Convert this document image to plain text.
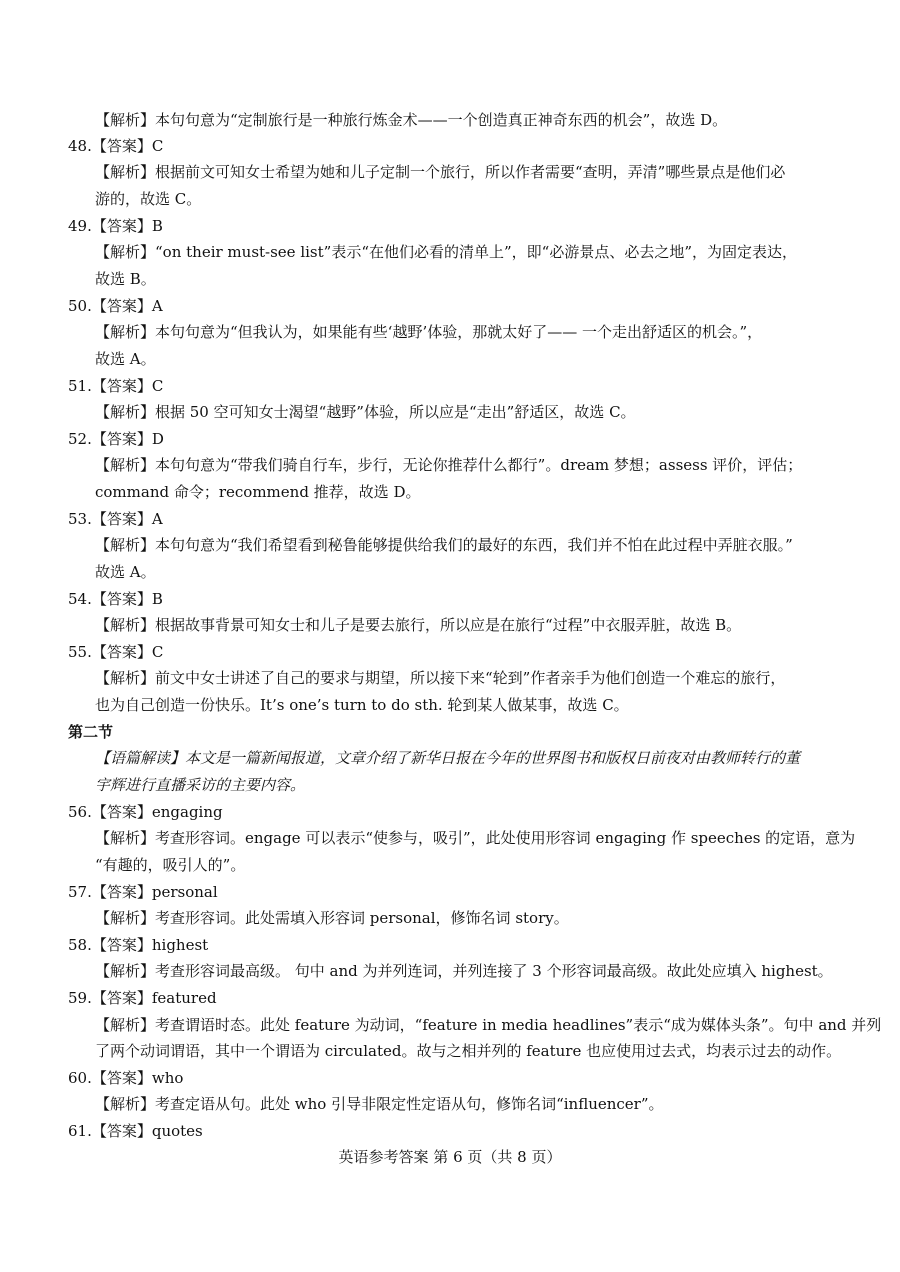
【解析】本句句意为“定制旅行是一种旅行炼金术——一个创造真正神奇东西的机会”，故选 D。
48.【答案】C
【解析】根据前文可知女士希望为她和儿子定制一个旅行，所以作者需要“查明，弄清”哪些景点是他们必
游的，故选 C。
49.【答案】B
【解析】“on their must-see list”表示“在他们必看的清单上”，即“必游景点、必去之地”，为固定表达，
故选 B。
50.【答案】A
【解析】本句句意为“但我认为，如果能有些‘越野’体验，那就太好了—— 一个走出舒适区的机会。”，
故选 A。
51.【答案】C
【解析】根据 50 空可知女士渴望“越野”体验，所以应是“走出”舒适区，故选 C。
52.【答案】D
【解析】本句句意为“带我们骑自行车，步行，无论你推荐什么都行”。dream 梦想；assess 评价，评估；
command 命令；recommend 推荐，故选 D。
53.【答案】A
【解析】本句句意为“我们希望看到秘鲁能够提供给我们的最好的东西，我们并不怕在此过程中弄脏衣服。”
故选 A。
54.【答案】B
【解析】根据故事背景可知女士和儿子是要去旅行，所以应是在旅行“过程”中衣服弄脏，故选 B。
55.【答案】C
【解析】前文中女士讲述了自己的要求与期望，所以接下来“轮到”作者亲手为他们创造一个难忘的旅行，
也为自己创造一份快乐。It’s one’s turn to do sth. 轮到某人做某事，故选 C。
第二节
【语篇解读】本文是一篇新闻报道，文章介绍了新华日报在今年的世界图书和版权日前夜对由教师转行的董
宇辉进行直播采访的主要内容。
56.【答案】engaging
【解析】考查形容词。engage 可以表示“使参与，吸引”，此处使用形容词 engaging 作 speeches 的定语，意为
“有趣的，吸引人的”。
57.【答案】personal
【解析】考查形容词。此处需填入形容词 personal，修饰名词 story。
58.【答案】highest
【解析】考查形容词最高级。 句中 and 为并列连词，并列连接了 3 个形容词最高级。故此处应填入 highest。
59.【答案】featured
【解析】考查谓语时态。此处 feature 为动词，“feature in media headlines”表示“成为媒体头条”。句中 and 并列
了两个动词谓语，其中一个谓语为 circulated。故与之相并列的 feature 也应使用过去式，均表示过去的动作。
60.【答案】who
【解析】考查定语从句。此处 who 引导非限定性定语从句，修饰名词“influencer”。
61.【答案】quotes
英语参考答案 第 6 页（共 8 页）
